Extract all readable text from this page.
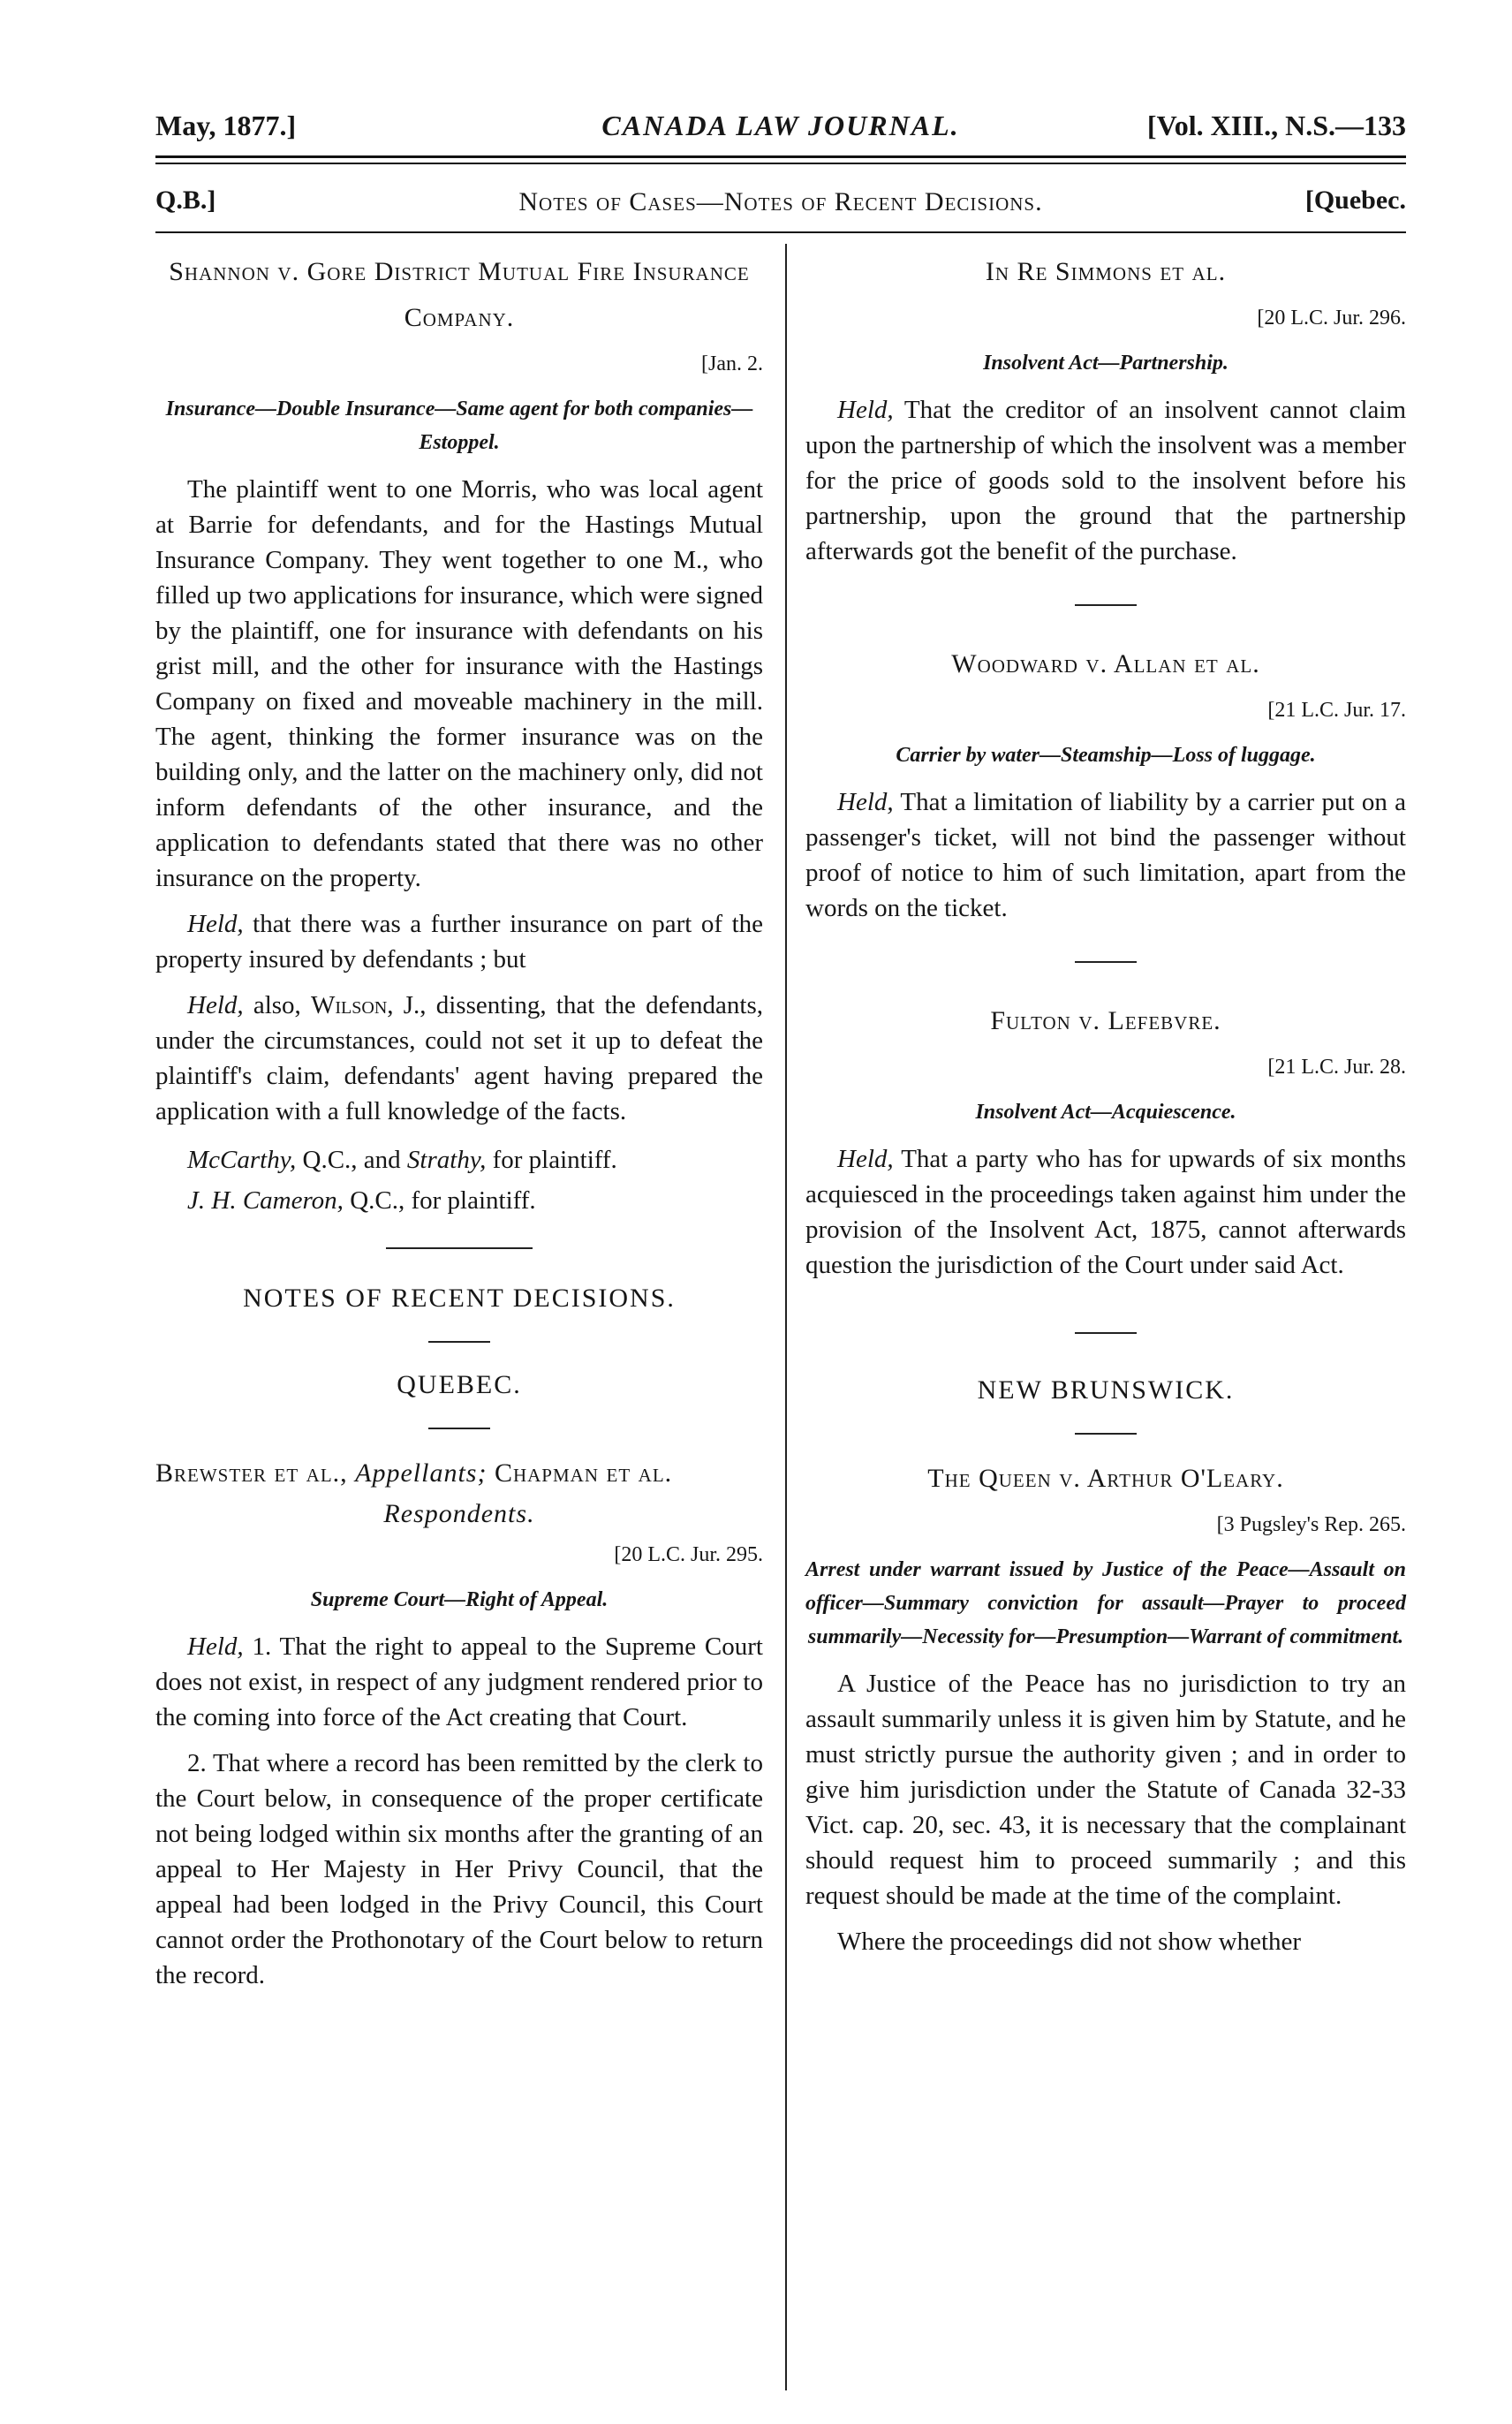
May, 1877.]	CANADA LAW JOURNAL.	[Vol. XIII., N.S.—133
Q.B.]	Notes of Cases—Notes of Recent Decisions.	[Quebec.

Shannon v. Gore District Mutual Fire Insurance Company.

[Jan. 2.

Insurance—Double Insurance—Same agent for both companies—Estoppel.

The plaintiff went to one Morris, who was local agent at Barrie for defendants, and for the Hastings Mutual Insurance Company. They went together to one M., who filled up two applications for insurance, which were signed by the plaintiff, one for insurance with defendants on his grist mill, and the other for insurance with the Hastings Company on fixed and moveable machinery in the mill. The agent, thinking the former insurance was on the building only, and the latter on the machinery only, did not inform defendants of the other insurance, and the application to defendants stated that there was no other insurance on the property.

Held, that there was a further insurance on part of the property insured by defendants ; but

Held, also, Wilson, J., dissenting, that the defendants, under the circumstances, could not set it up to defeat the plaintiff's claim, defendants' agent having prepared the application with a full knowledge of the facts.

McCarthy, Q.C., and Strathy, for plaintiff.

J. H. Cameron, Q.C., for plaintiff.

NOTES OF RECENT DECISIONS.

QUEBEC.

Brewster et al., Appellants; Chapman et al.

Respondents.

[20 L.C. Jur. 295.

Supreme Court—Right of Appeal.

Held, 1. That the right to appeal to the Supreme Court does not exist, in respect of any judgment rendered prior to the coming into force of the Act creating that Court.

2. That where a record has been remitted by the clerk to the Court below, in consequence of the proper certificate not being lodged within six months after the granting of an appeal to Her Majesty in Her Privy Council, that the appeal had been lodged in the Privy Council, this Court cannot order the Prothonotary of the Court below to return the record.

In Re Simmons et al.

[20 L.C. Jur. 296.

Insolvent Act—Partnership.

Held, That the creditor of an insolvent cannot claim upon the partnership of which the insolvent was a member for the price of goods sold to the insolvent before his partnership, upon the ground that the partnership afterwards got the benefit of the purchase.

Woodward v. Allan et al.

[21 L.C. Jur. 17.

Carrier by water—Steamship—Loss of luggage.

Held, That a limitation of liability by a carrier put on a passenger's ticket, will not bind the passenger without proof of notice to him of such limitation, apart from the words on the ticket.

Fulton v. Lefebvre.

[21 L.C. Jur. 28.

Insolvent Act—Acquiescence.

Held, That a party who has for upwards of six months acquiesced in the proceedings taken against him under the provision of the Insolvent Act, 1875, cannot afterwards question the jurisdiction of the Court under said Act.

NEW BRUNSWICK.

The Queen v. Arthur O'Leary.

[3 Pugsley's Rep. 265.

Arrest under warrant issued by Justice of the Peace—Assault on officer—Summary conviction for assault—Prayer to proceed summarily—Necessity for—Presumption—Warrant of commitment.

A Justice of the Peace has no jurisdiction to try an assault summarily unless it is given him by Statute, and he must strictly pursue the authority given ; and in order to give him jurisdiction under the Statute of Canada 32-33 Vict. cap. 20, sec. 43, it is necessary that the complainant should request him to proceed summarily ; and this request should be made at the time of the complaint.

Where the proceedings did not show whether
